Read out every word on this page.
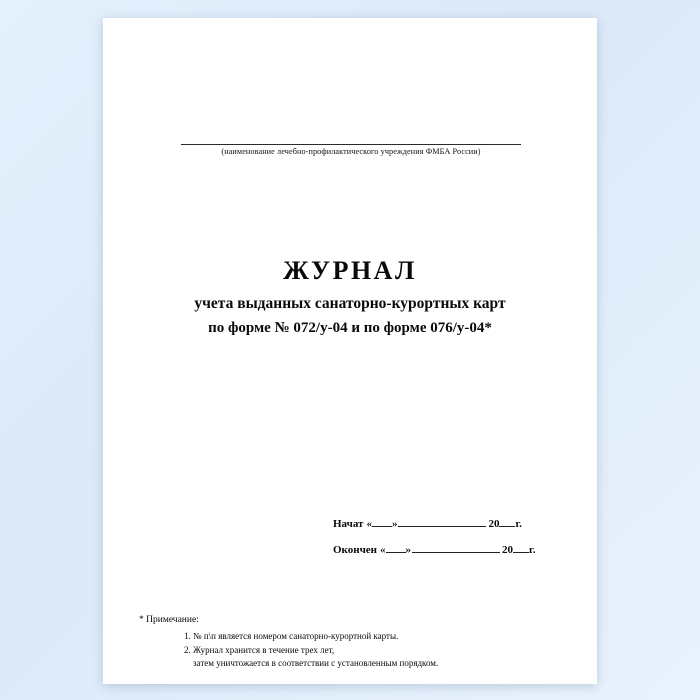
(наименование лечебно-профилактического учреждения ФМБА России)
ЖУРНАЛ
учета выданных санаторно-курортных карт
по форме № 072/у-04 и по форме 076/у-04*
Начат « »	20 г.
Окончен « »	20 г.
* Примечание:
1. № п\п является номером санаторно-курортной карты.
2. Журнал хранится в течение трех лет,
затем уничтожается в соответствии с установленным порядком.
